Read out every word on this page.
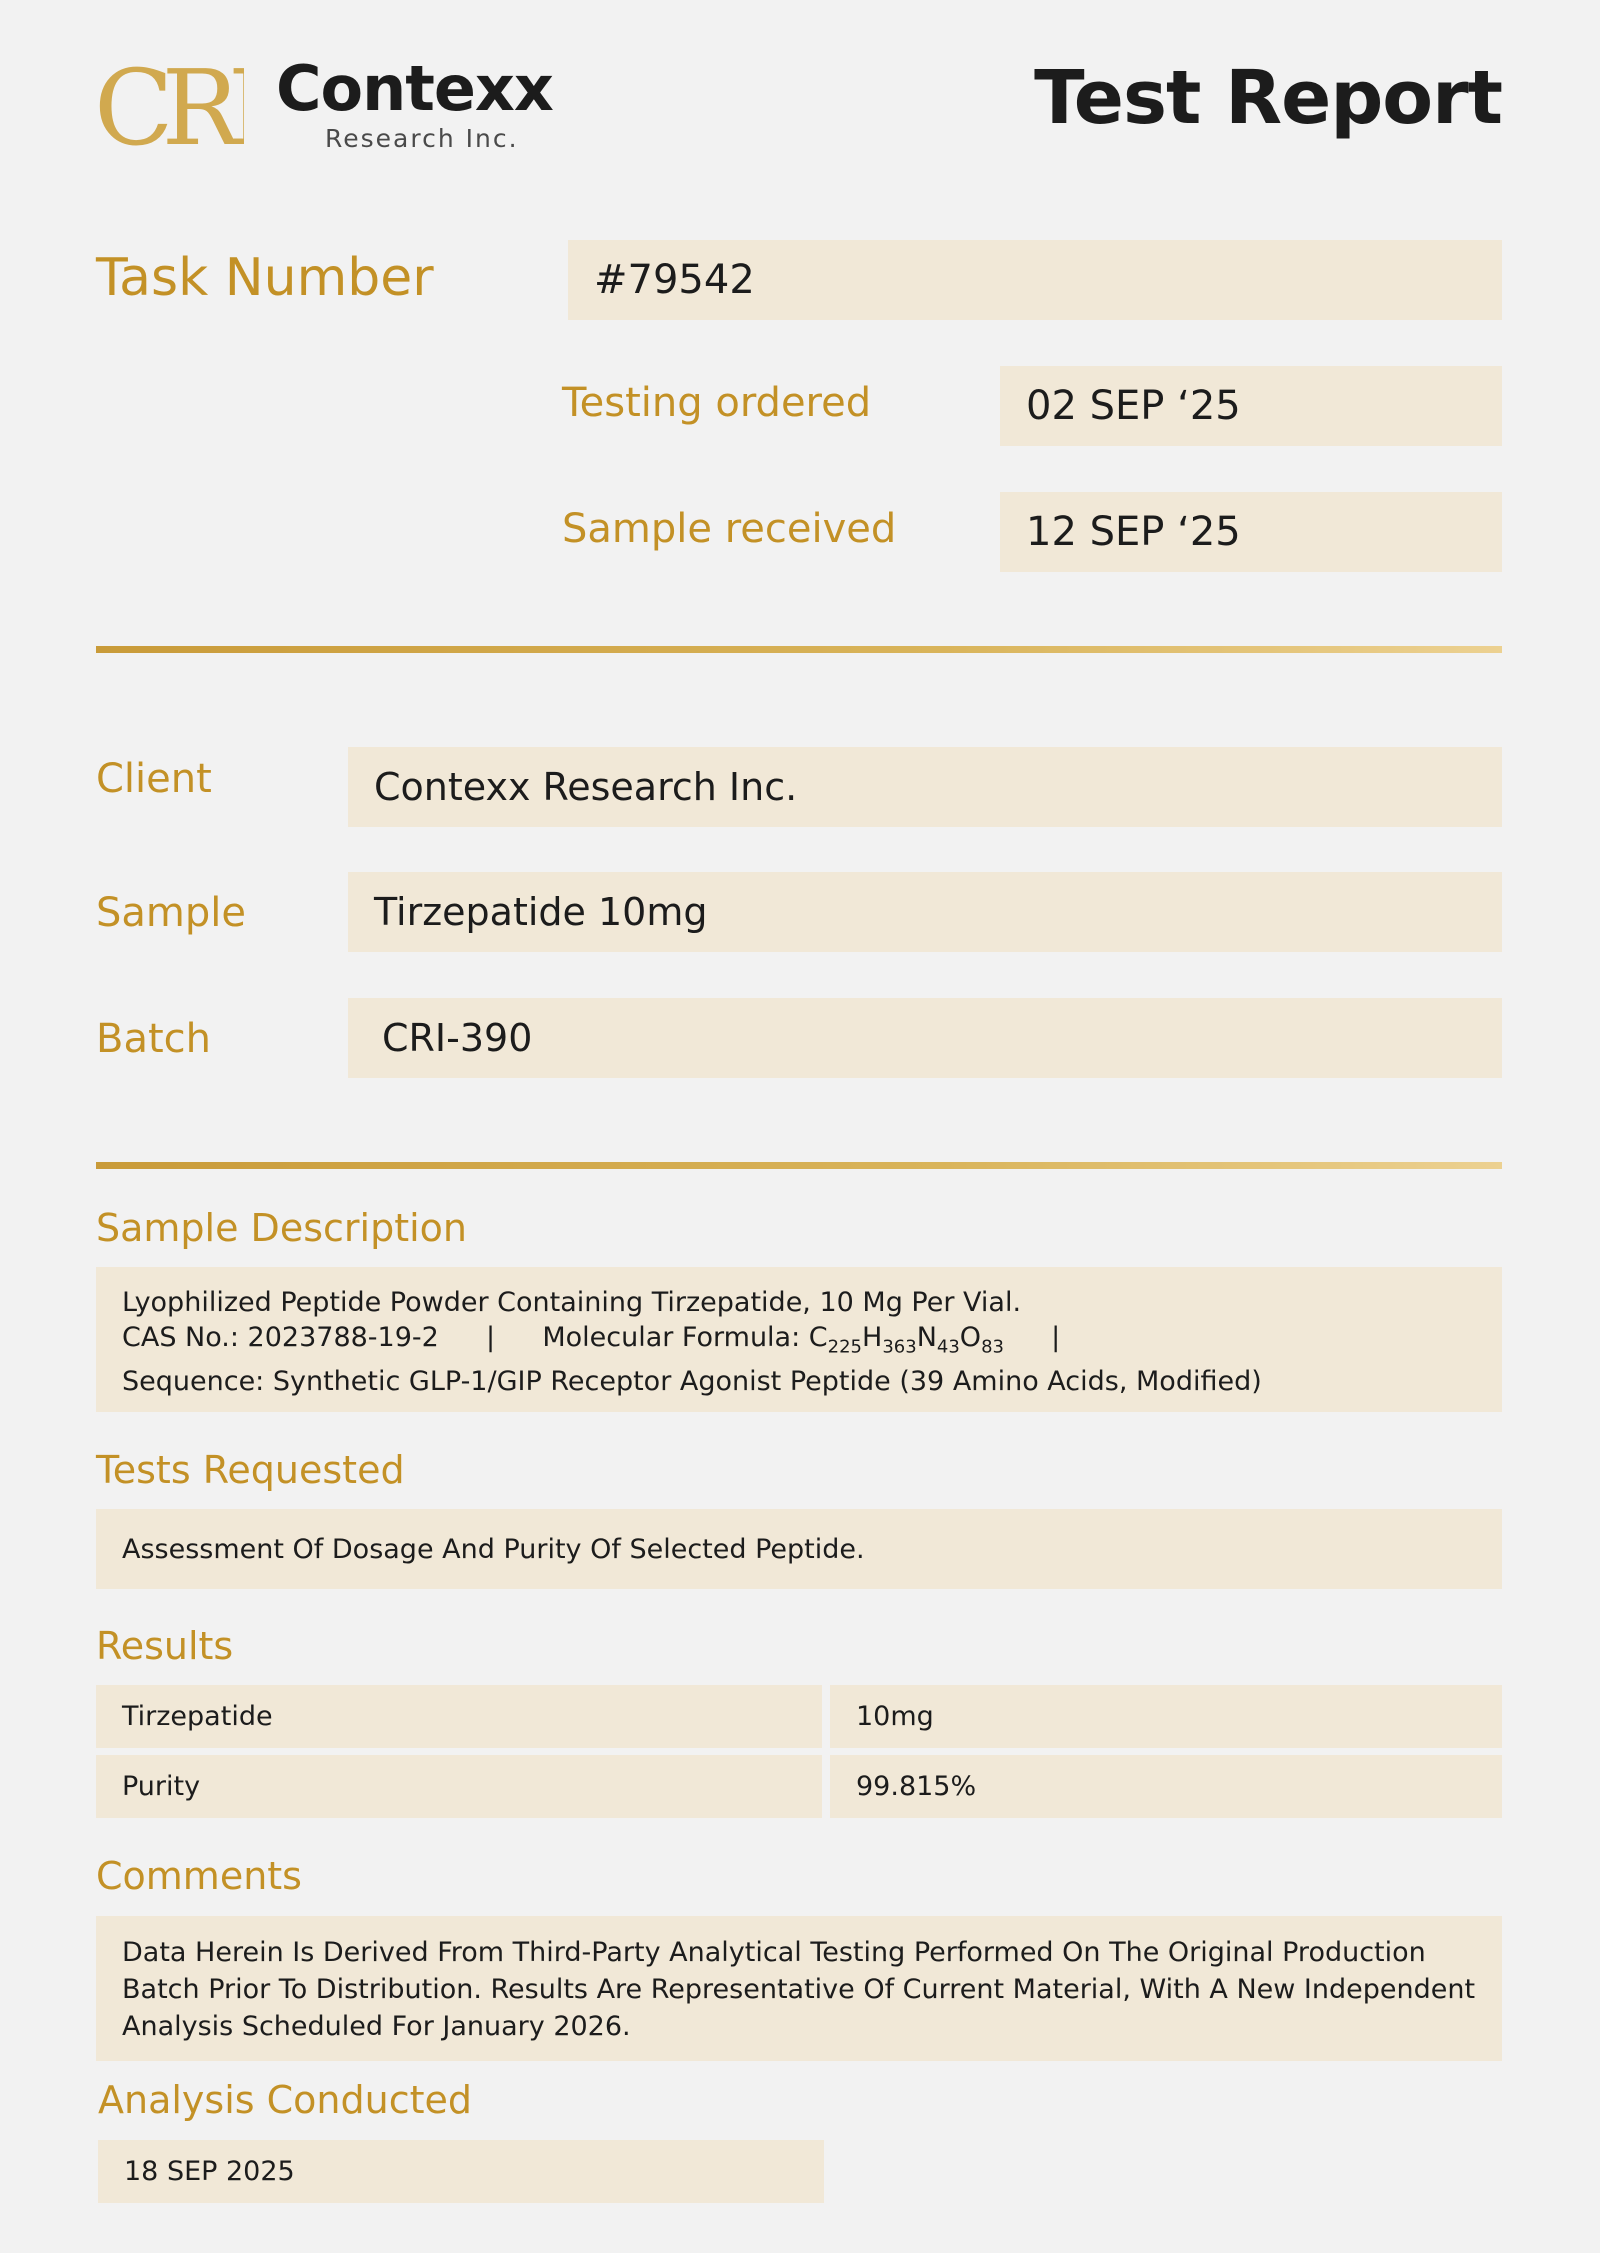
CRI Contexx
Research Inc.	Test Report
Task Number	#79542
Testing ordered	02 SEP ‘25
Sample received	12 SEP ‘25
Client	Contexx Research Inc.
Sample	Tirzepatide 10mg
Batch	CRI-390
Sample Description
Lyophilized Peptide Powder Containing Tirzepatide, 10 Mg Per Vial.
CAS No.: 2023788-19-2 | Molecular Formula: $C_{225}H_{363}N_{43}O_{83}$ |
Sequence: Synthetic GLP-1/GIP Receptor Agonist Peptide (39 Amino Acids, Modified)
Tests Requested
Assessment Of Dosage And Purity Of Selected Peptide.
Results
Tirzepatide	10mg
Purity	99.815%
Comments
Data Herein Is Derived From Third-Party Analytical Testing Performed On The Original Production
Batch Prior To Distribution. Results Are Representative Of Current Material, With A New Independent
Analysis Scheduled For January 2026.
Analysis Conducted
18 SEP 2025
